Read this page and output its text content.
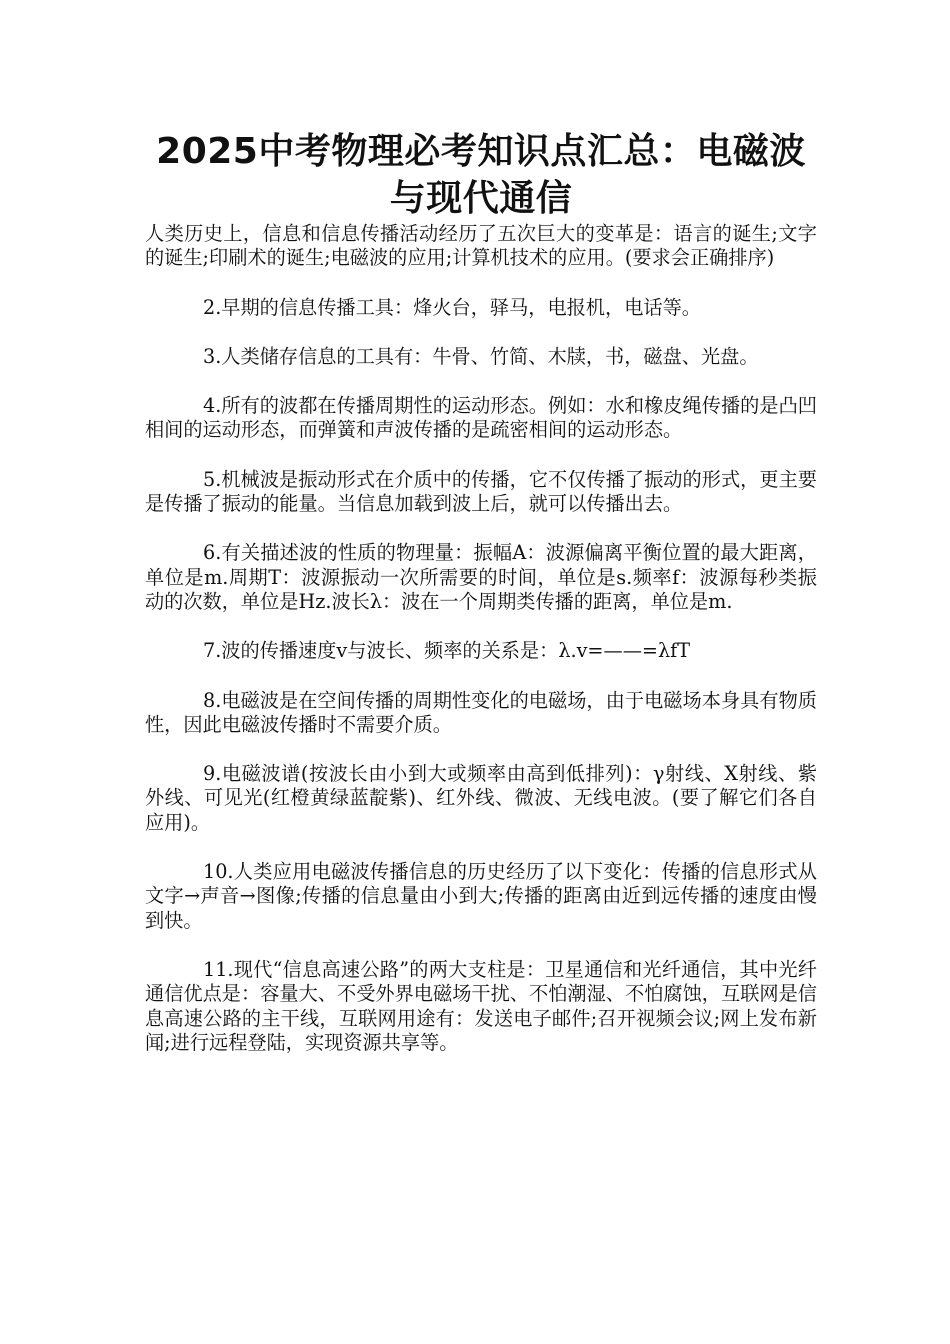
2025中考物理必考知识点汇总：电磁波与现代通信

人类历史上，信息和信息传播活动经历了五次巨大的变革是：语言的诞生;文字的诞生;印刷术的诞生;电磁波的应用;计算机技术的应用。(要求会正确排序)

2.早期的信息传播工具：烽火台，驿马，电报机，电话等。

3.人类储存信息的工具有：牛骨、竹简、木牍，书，磁盘、光盘。

4.所有的波都在传播周期性的运动形态。例如：水和橡皮绳传播的是凸凹相间的运动形态，而弹簧和声波传播的是疏密相间的运动形态。

5.机械波是振动形式在介质中的传播，它不仅传播了振动的形式，更主要是传播了振动的能量。当信息加载到波上后，就可以传播出去。

6.有关描述波的性质的物理量：振幅A：波源偏离平衡位置的最大距离，单位是m.周期T：波源振动一次所需要的时间，单位是s.频率f：波源每秒类振动的次数，单位是Hz.波长λ：波在一个周期类传播的距离，单位是m.

7.波的传播速度v与波长、频率的关系是：λ.v=——=λfT

8.电磁波是在空间传播的周期性变化的电磁场，由于电磁场本身具有物质性，因此电磁波传播时不需要介质。

9.电磁波谱(按波长由小到大或频率由高到低排列)：γ射线、X射线、紫外线、可见光(红橙黄绿蓝靛紫)、红外线、微波、无线电波。(要了解它们各自应用)。

10.人类应用电磁波传播信息的历史经历了以下变化：传播的信息形式从文字→声音→图像;传播的信息量由小到大;传播的距离由近到远传播的速度由慢到快。

11.现代“信息高速公路”的两大支柱是：卫星通信和光纤通信，其中光纤通信优点是：容量大、不受外界电磁场干扰、不怕潮湿、不怕腐蚀，互联网是信息高速公路的主干线，互联网用途有：发送电子邮件;召开视频会议;网上发布新闻;进行远程登陆，实现资源共享等。
